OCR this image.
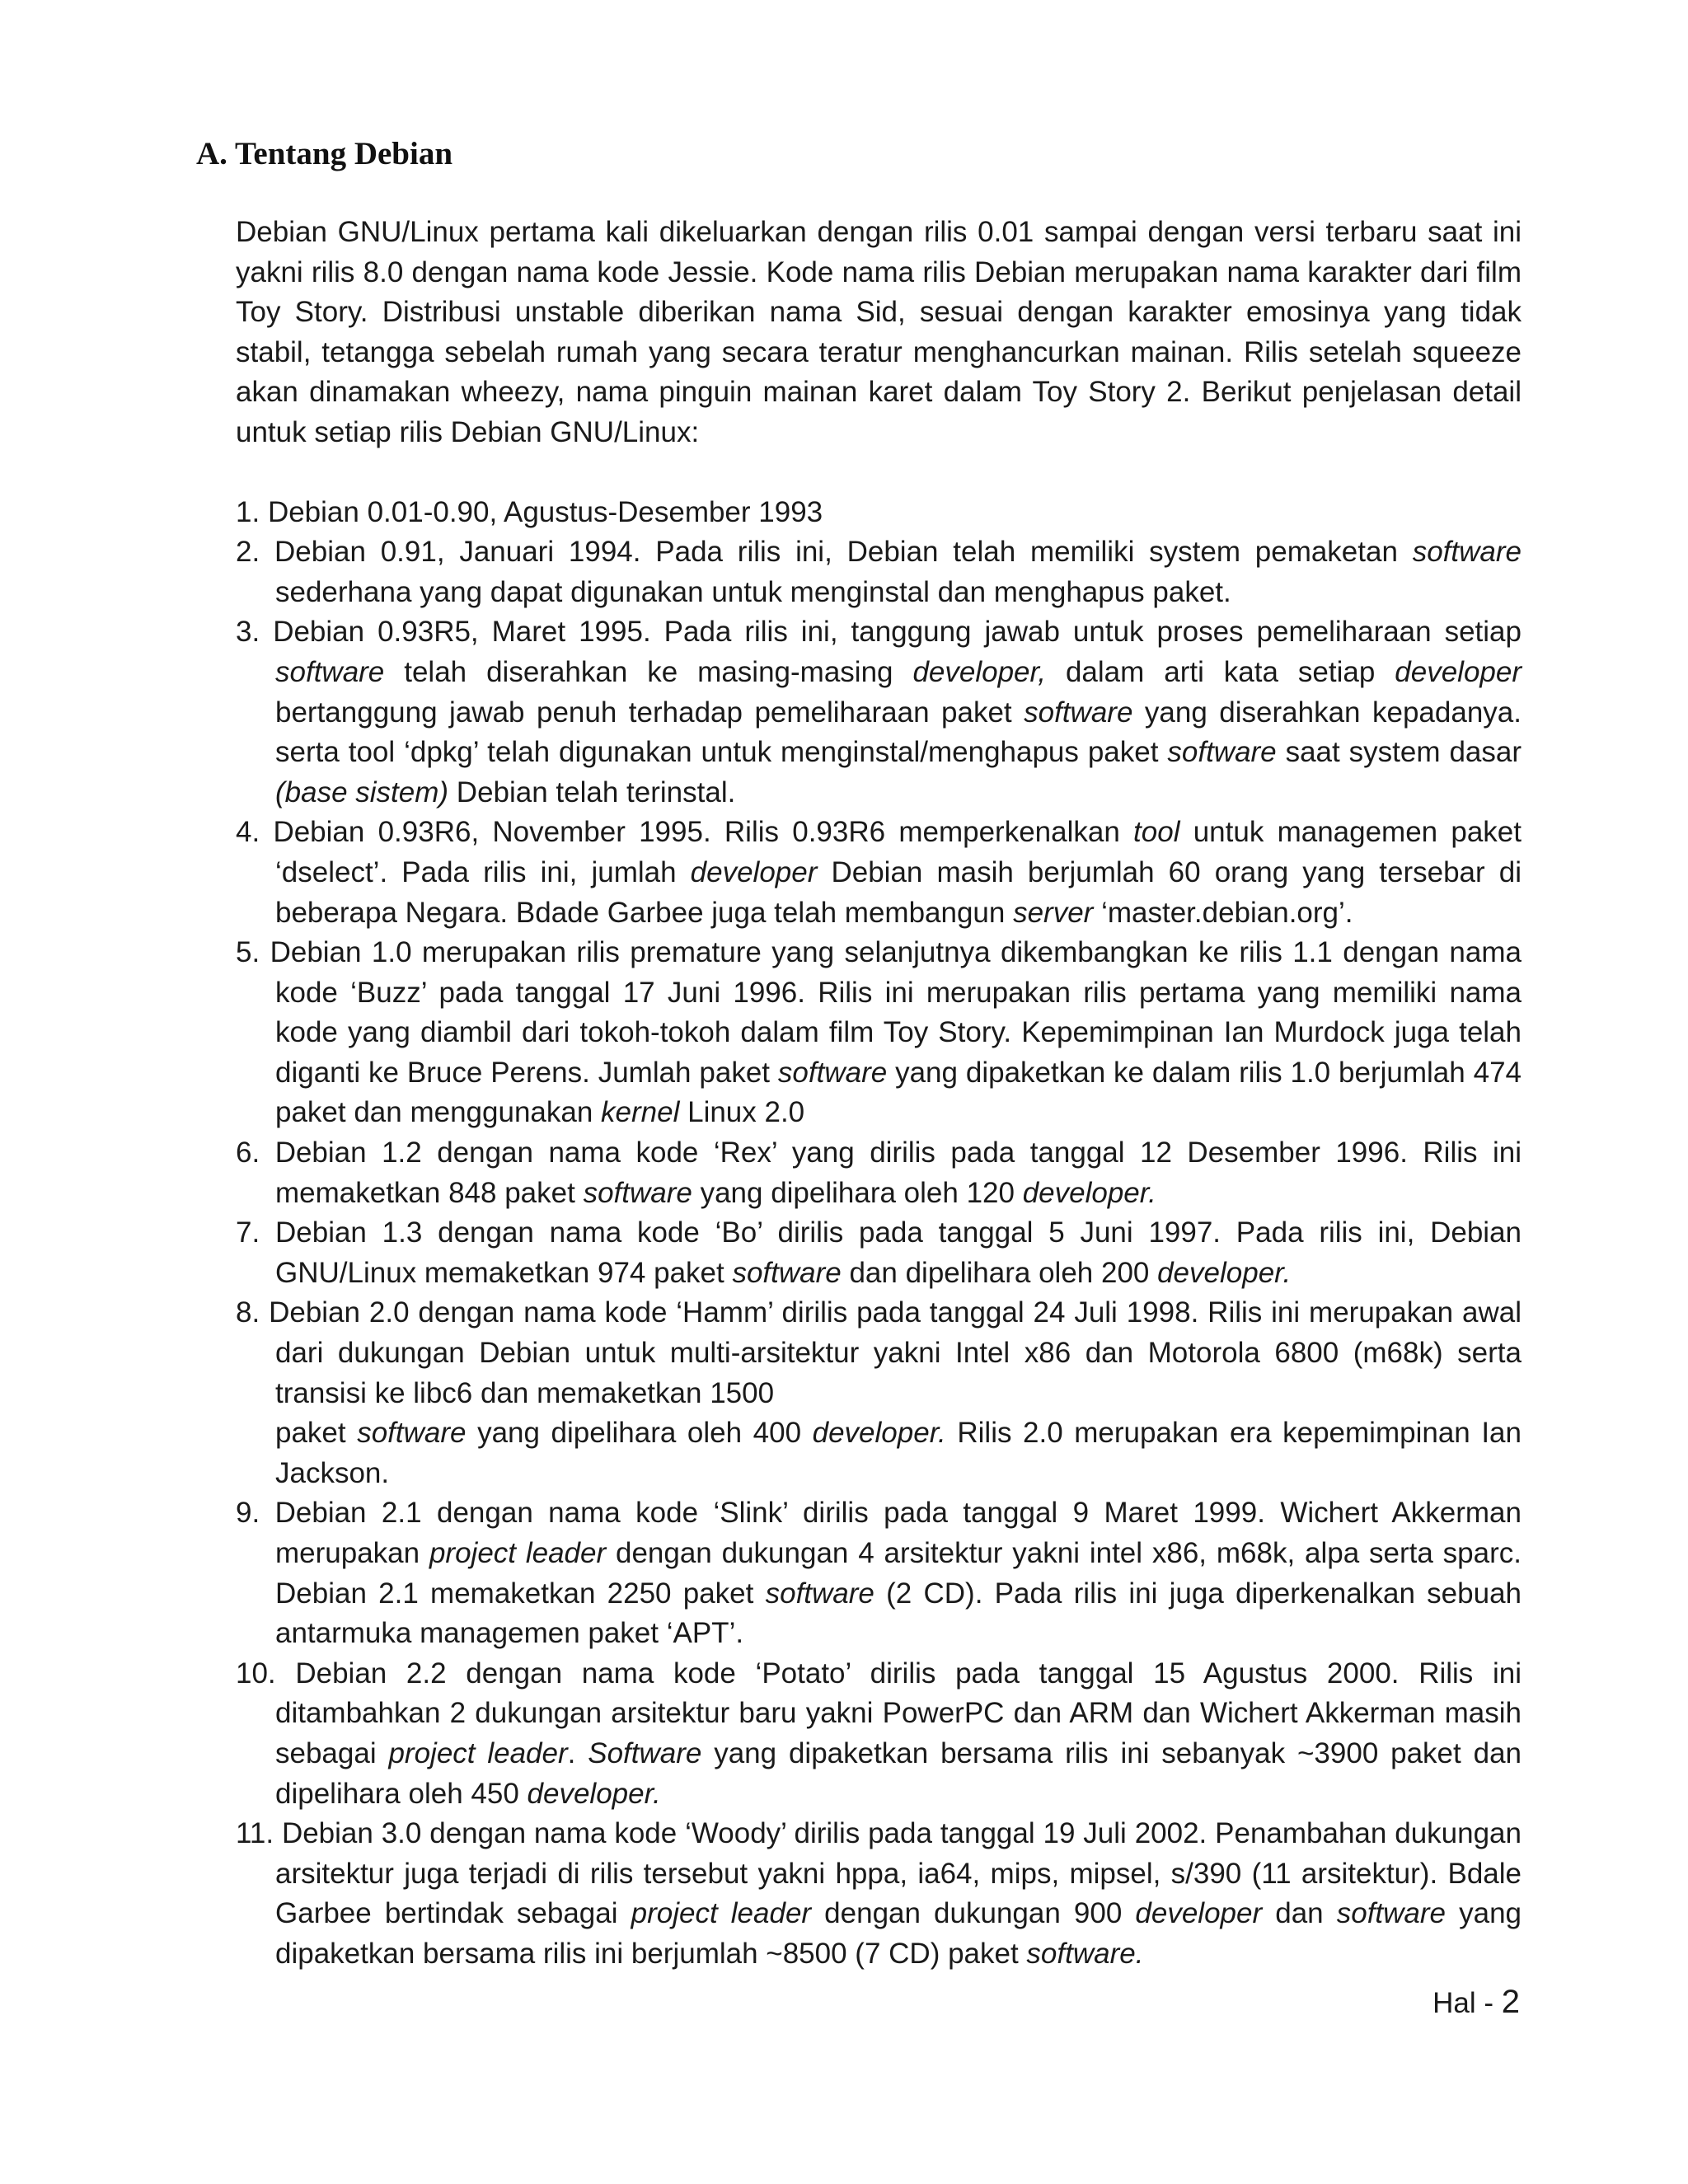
A. Tentang Debian

Debian GNU/Linux pertama kali dikeluarkan dengan rilis 0.01 sampai dengan versi terbaru saat ini yakni rilis 8.0 dengan nama kode Jessie. Kode nama rilis Debian merupakan nama karakter dari film Toy Story. Distribusi unstable diberikan nama Sid, sesuai dengan karakter emosinya yang tidak stabil, tetangga sebelah rumah yang secara teratur menghancurkan mainan. Rilis setelah squeeze akan dinamakan wheezy, nama pinguin mainan karet dalam Toy Story 2. Berikut penjelasan detail untuk setiap rilis Debian GNU/Linux:

1. Debian 0.01-0.90, Agustus-Desember 1993
2. Debian 0.91, Januari 1994. Pada rilis ini, Debian telah memiliki system pemaketan software sederhana yang dapat digunakan untuk menginstal dan menghapus paket.
3. Debian 0.93R5, Maret 1995. Pada rilis ini, tanggung jawab untuk proses pemeliharaan setiap software telah diserahkan ke masing-masing developer, dalam arti kata setiap developer bertanggung jawab penuh terhadap pemeliharaan paket software yang diserahkan kepadanya. serta tool ‘dpkg’ telah digunakan untuk menginstal/menghapus paket software saat system dasar (base sistem) Debian telah terinstal.
4. Debian 0.93R6, November 1995. Rilis 0.93R6 memperkenalkan tool untuk managemen paket ‘dselect’. Pada rilis ini, jumlah developer Debian masih berjumlah 60 orang yang tersebar di beberapa Negara. Bdade Garbee juga telah membangun server ‘master.debian.org’.
5. Debian 1.0 merupakan rilis premature yang selanjutnya dikembangkan ke rilis 1.1 dengan nama kode ‘Buzz’ pada tanggal 17 Juni 1996. Rilis ini merupakan rilis pertama yang memiliki nama kode yang diambil dari tokoh-tokoh dalam film Toy Story. Kepemimpinan Ian Murdock juga telah diganti ke Bruce Perens. Jumlah paket software yang dipaketkan ke dalam rilis 1.0 berjumlah 474 paket dan menggunakan kernel Linux 2.0
6. Debian 1.2 dengan nama kode ‘Rex’ yang dirilis pada tanggal 12 Desember 1996. Rilis ini memaketkan 848 paket software yang dipelihara oleh 120 developer.
7. Debian 1.3 dengan nama kode ‘Bo’ dirilis pada tanggal 5 Juni 1997. Pada rilis ini, Debian GNU/Linux memaketkan 974 paket software dan dipelihara oleh 200 developer.
8. Debian 2.0 dengan nama kode ‘Hamm’ dirilis pada tanggal 24 Juli 1998. Rilis ini merupakan awal dari dukungan Debian untuk multi-arsitektur yakni Intel x86 dan Motorola 6800 (m68k) serta transisi ke libc6 dan memaketkan 1500
paket software yang dipelihara oleh 400 developer. Rilis 2.0 merupakan era kepemimpinan Ian Jackson.
9. Debian 2.1 dengan nama kode ‘Slink’ dirilis pada tanggal 9 Maret 1999. Wichert Akkerman merupakan project leader dengan dukungan 4 arsitektur yakni intel x86, m68k, alpa serta sparc. Debian 2.1 memaketkan 2250 paket software (2 CD). Pada rilis ini juga diperkenalkan sebuah antarmuka managemen paket ‘APT’.
10. Debian 2.2 dengan nama kode ‘Potato’ dirilis pada tanggal 15 Agustus 2000. Rilis ini ditambahkan 2 dukungan arsitektur baru yakni PowerPC dan ARM dan Wichert Akkerman masih sebagai project leader. Software yang dipaketkan bersama rilis ini sebanyak ~3900 paket dan dipelihara oleh 450 developer.
11. Debian 3.0 dengan nama kode ‘Woody’ dirilis pada tanggal 19 Juli 2002. Penambahan dukungan arsitektur juga terjadi di rilis tersebut yakni hppa, ia64, mips, mipsel, s/390 (11 arsitektur). Bdale Garbee bertindak sebagai project leader dengan dukungan 900 developer dan software yang dipaketkan bersama rilis ini berjumlah ~8500 (7 CD) paket software.
Hal - 2
